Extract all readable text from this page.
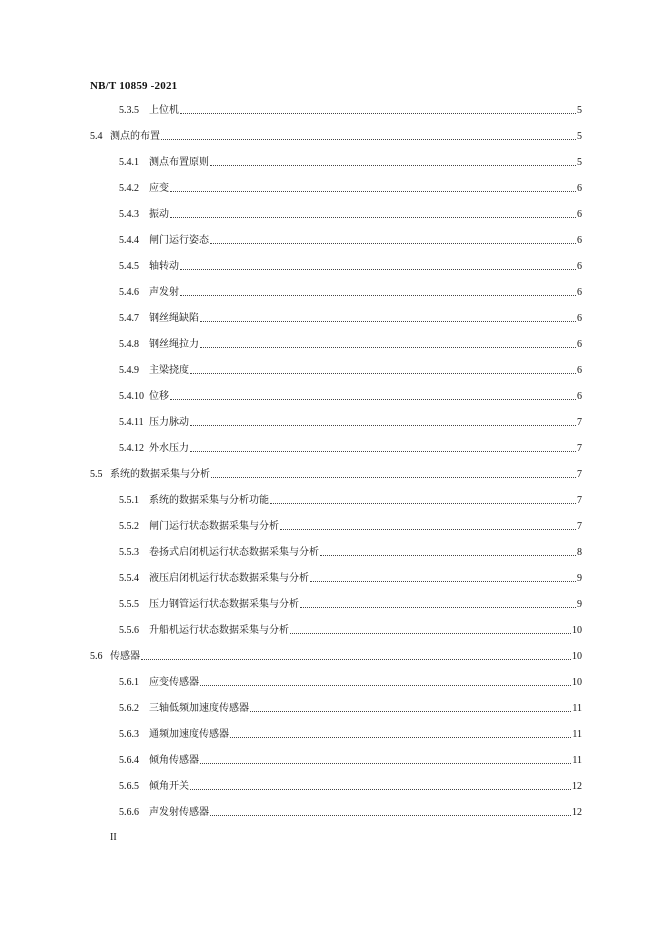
NB/T 10859 -2021
5.3.5	上位机	5
5.4 测点的布置	5
5.4.1	测点布置原则	5
5.4.2	应变	6
5.4.3	振动	6
5.4.4	闸门运行姿态	6
5.4.5	轴转动	6
5.4.6	声发射	6
5.4.7	钢丝绳缺陷	6
5.4.8	钢丝绳拉力	6
5.4.9	主梁挠度	6
5.4.10 位移	6
5.4.11 压力脉动	7
5.4.12 外水压力	7
5.5 系统的数据采集与分析	7
5.5.1	系统的数据采集与分析功能	7
5.5.2	闸门运行状态数据采集与分析	7
5.5.3	卷扬式启闭机运行状态数据采集与分析	8
5.5.4	液压启闭机运行状态数据采集与分析	9
5.5.5	压力钢管运行状态数据采集与分析	9
5.5.6	升船机运行状态数据采集与分析	10
5.6 传感器	10
5.6.1	应变传感器	10
5.6.2	三轴低频加速度传感器	11
5.6.3	通频加速度传感器	11
5.6.4	倾角传感器	11
5.6.5	倾角开关	12
5.6.6	声发射传感器	12
II
